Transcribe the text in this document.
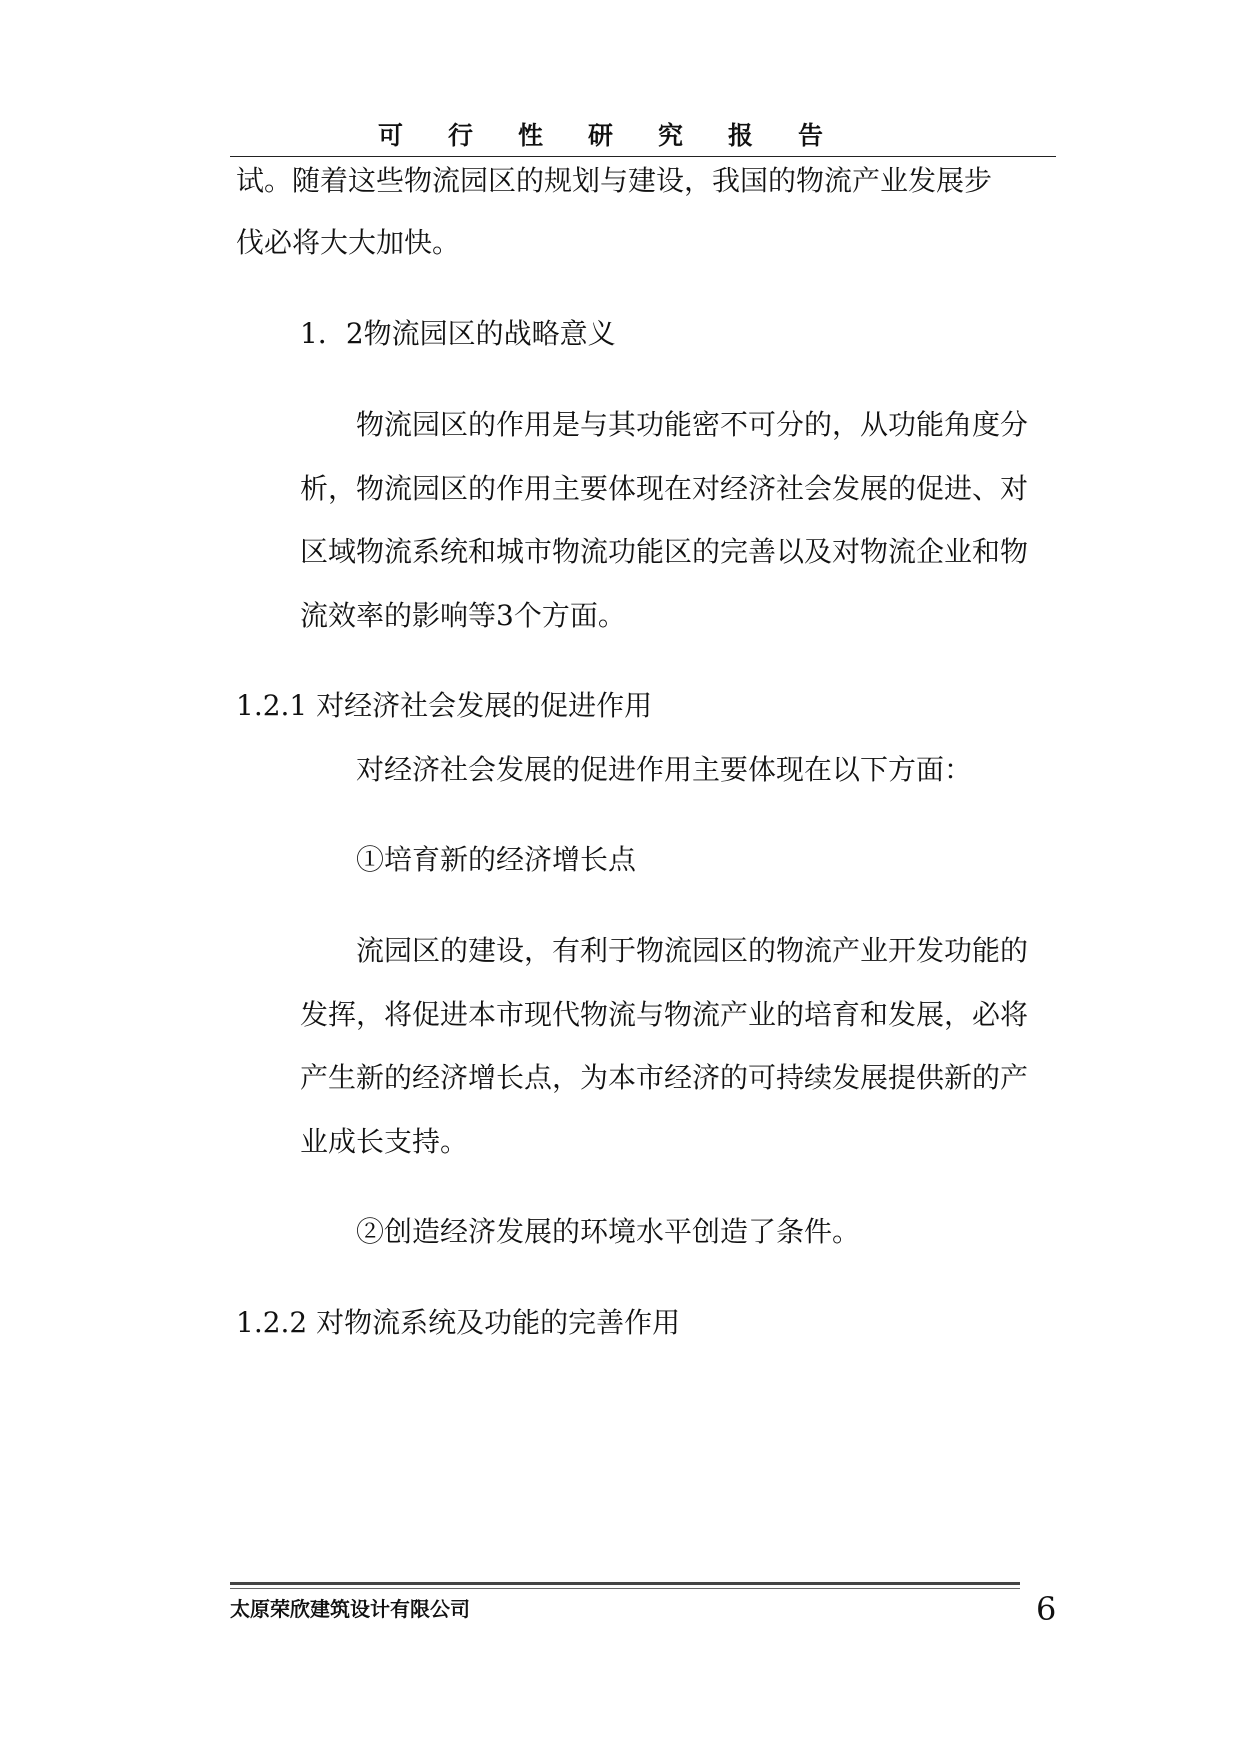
可行性研究报告
试。随着这些物流园区的规划与建设，我国的物流产业发展步
伐必将大大加快。
1．2物流园区的战略意义
物流园区的作用是与其功能密不可分的，从功能角度分
析，物流园区的作用主要体现在对经济社会发展的促进、对
区域物流系统和城市物流功能区的完善以及对物流企业和物
流效率的影响等3个方面。
1.2.1 对经济社会发展的促进作用
对经济社会发展的促进作用主要体现在以下方面：
①培育新的经济增长点
流园区的建设，有利于物流园区的物流产业开发功能的
发挥，将促进本市现代物流与物流产业的培育和发展，必将
产生新的经济增长点，为本市经济的可持续发展提供新的产
业成长支持。
②创造经济发展的环境水平创造了条件。
1.2.2 对物流系统及功能的完善作用
太原荣欣建筑设计有限公司	6
